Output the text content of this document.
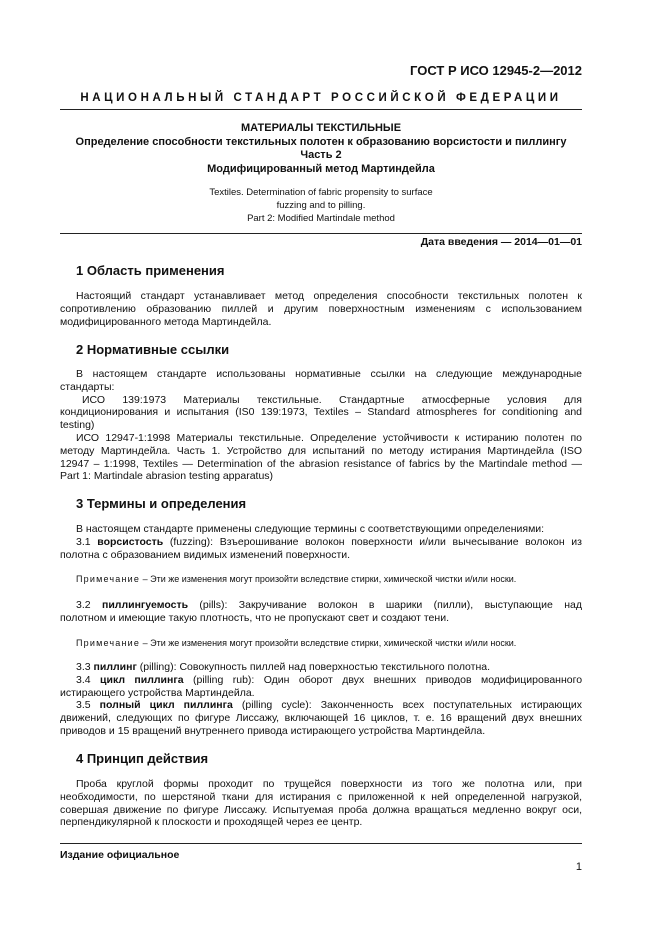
ГОСТ Р ИСО 12945-2—2012
НАЦИОНАЛЬНЫЙ СТАНДАРТ РОССИЙСКОЙ ФЕДЕРАЦИИ
МАТЕРИАЛЫ ТЕКСТИЛЬНЫЕ
Определение способности текстильных полотен к образованию ворсистости и пиллингу
Часть 2
Модифицированный метод Мартиндейла
Textiles. Determination of fabric propensity to surface
fuzzing and to pilling.
Part 2: Modified Martindale method
Дата введения — 2014—01—01
1 Область применения
Настоящий стандарт устанавливает метод определения способности текстильных полотен к
сопротивлению образованию пиллей и другим поверхностным изменениям с использованием
модифицированного метода Мартиндейла.
2 Нормативные ссылки
В настоящем стандарте использованы нормативные ссылки на следующие международные
стандарты:
ИСО 139:1973 Материалы текстильные. Стандартные атмосферные условия для
кондиционирования и испытания (IS0 139:1973, Textiles – Standard atmospheres for conditioning and
testing)
ИСО 12947-1:1998 Материалы текстильные. Определение устойчивости к истиранию полотен по
методу Мартиндейла. Часть 1. Устройство для испытаний по методу истирания Мартиндейла (ISO
12947 – 1:1998, Textiles — Determination of the abrasion resistance of fabrics by the Martindale method —
Part 1: Martindale abrasion testing apparatus)
3 Термины и определения
В настоящем стандарте применены следующие термины с соответствующими определениями:
3.1 ворсистость (fuzzing): Взъерошивание волокон поверхности и/или вычесывание волокон из
полотна с образованием видимых изменений поверхности.
Примечание – Эти же изменения могут произойти вследствие стирки, химической чистки и/или носки.
3.2 пиллингуемость (pills): Закручивание волокон в шарики (пилли), выступающие над
полотном и имеющие такую плотность, что не пропускают свет и создают тени.
Примечание – Эти же изменения могут произойти вследствие стирки, химической чистки и/или носки.
3.3 пиллинг (pilling): Совокупность пиллей над поверхностью текстильного полотна.
3.4 цикл пиллинга (pilling rub): Один оборот двух внешних приводов модифицированного
истирающего устройства Мартиндейла.
3.5 полный цикл пиллинга (pilling cycle): Законченность всех поступательных истирающих
движений, следующих по фигуре Лиссажу, включающей 16 циклов, т. е. 16 вращений двух внешних
приводов и 15 вращений внутреннего привода истирающего устройства Мартиндейла.
4 Принцип действия
Проба круглой формы проходит по трущейся поверхности из того же полотна или, при
необходимости, по шерстяной ткани для истирания с приложенной к ней определенной нагрузкой,
совершая движение по фигуре Лиссажу. Испытуемая проба должна вращаться медленно вокруг оси,
перпендикулярной к плоскости и проходящей через ее центр.
Издание официальное
1
